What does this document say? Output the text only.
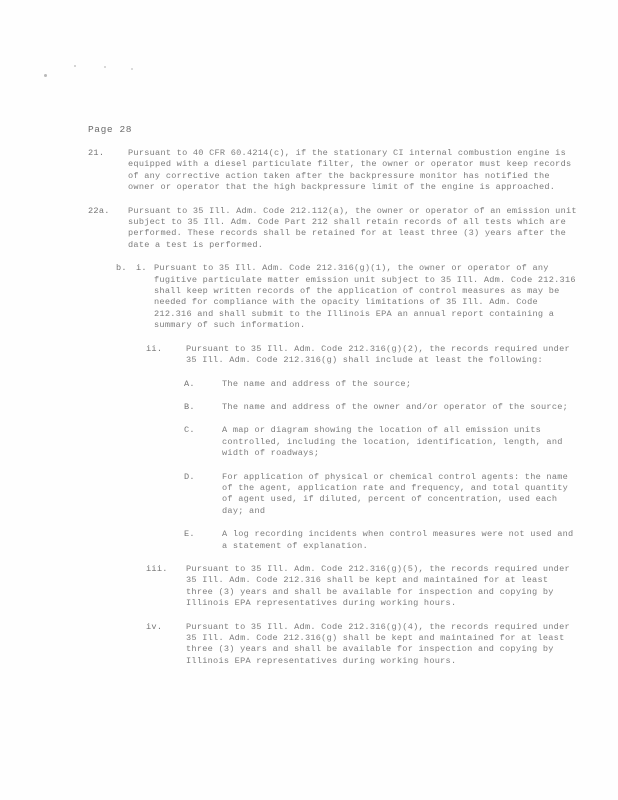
Page 28
21.	Pursuant to 40 CFR 60.4214(c), if the stationary CI internal combustion engine is equipped with a diesel particulate filter, the owner or operator must keep records of any corrective action taken after the backpressure monitor has notified the owner or operator that the high backpressure limit of the engine is approached.
22a.	Pursuant to 35 Ill. Adm. Code 212.112(a), the owner or operator of an emission unit subject to 35 Ill. Adm. Code Part 212 shall retain records of all tests which are performed. These records shall be retained for at least three (3) years after the date a test is performed.
b.	i. Pursuant to 35 Ill. Adm. Code 212.316(g)(1), the owner or operator of any fugitive particulate matter emission unit subject to 35 Ill. Adm. Code 212.316 shall keep written records of the application of control measures as may be needed for compliance with the opacity limitations of 35 Ill. Adm. Code 212.316 and shall submit to the Illinois EPA an annual report containing a summary of such information.
ii.	Pursuant to 35 Ill. Adm. Code 212.316(g)(2), the records required under 35 Ill. Adm. Code 212.316(g) shall include at least the following:
A.	The name and address of the source;
B.	The name and address of the owner and/or operator of the source;
C.	A map or diagram showing the location of all emission units controlled, including the location, identification, length, and width of roadways;
D.	For application of physical or chemical control agents: the name of the agent, application rate and frequency, and total quantity of agent used, if diluted, percent of concentration, used each day; and
E.	A log recording incidents when control measures were not used and a statement of explanation.
iii.	Pursuant to 35 Ill. Adm. Code 212.316(g)(5), the records required under 35 Ill. Adm. Code 212.316 shall be kept and maintained for at least three (3) years and shall be available for inspection and copying by Illinois EPA representatives during working hours.
iv.	Pursuant to 35 Ill. Adm. Code 212.316(g)(4), the records required under 35 Ill. Adm. Code 212.316(g) shall be kept and maintained for at least three (3) years and shall be available for inspection and copying by Illinois EPA representatives during working hours.
